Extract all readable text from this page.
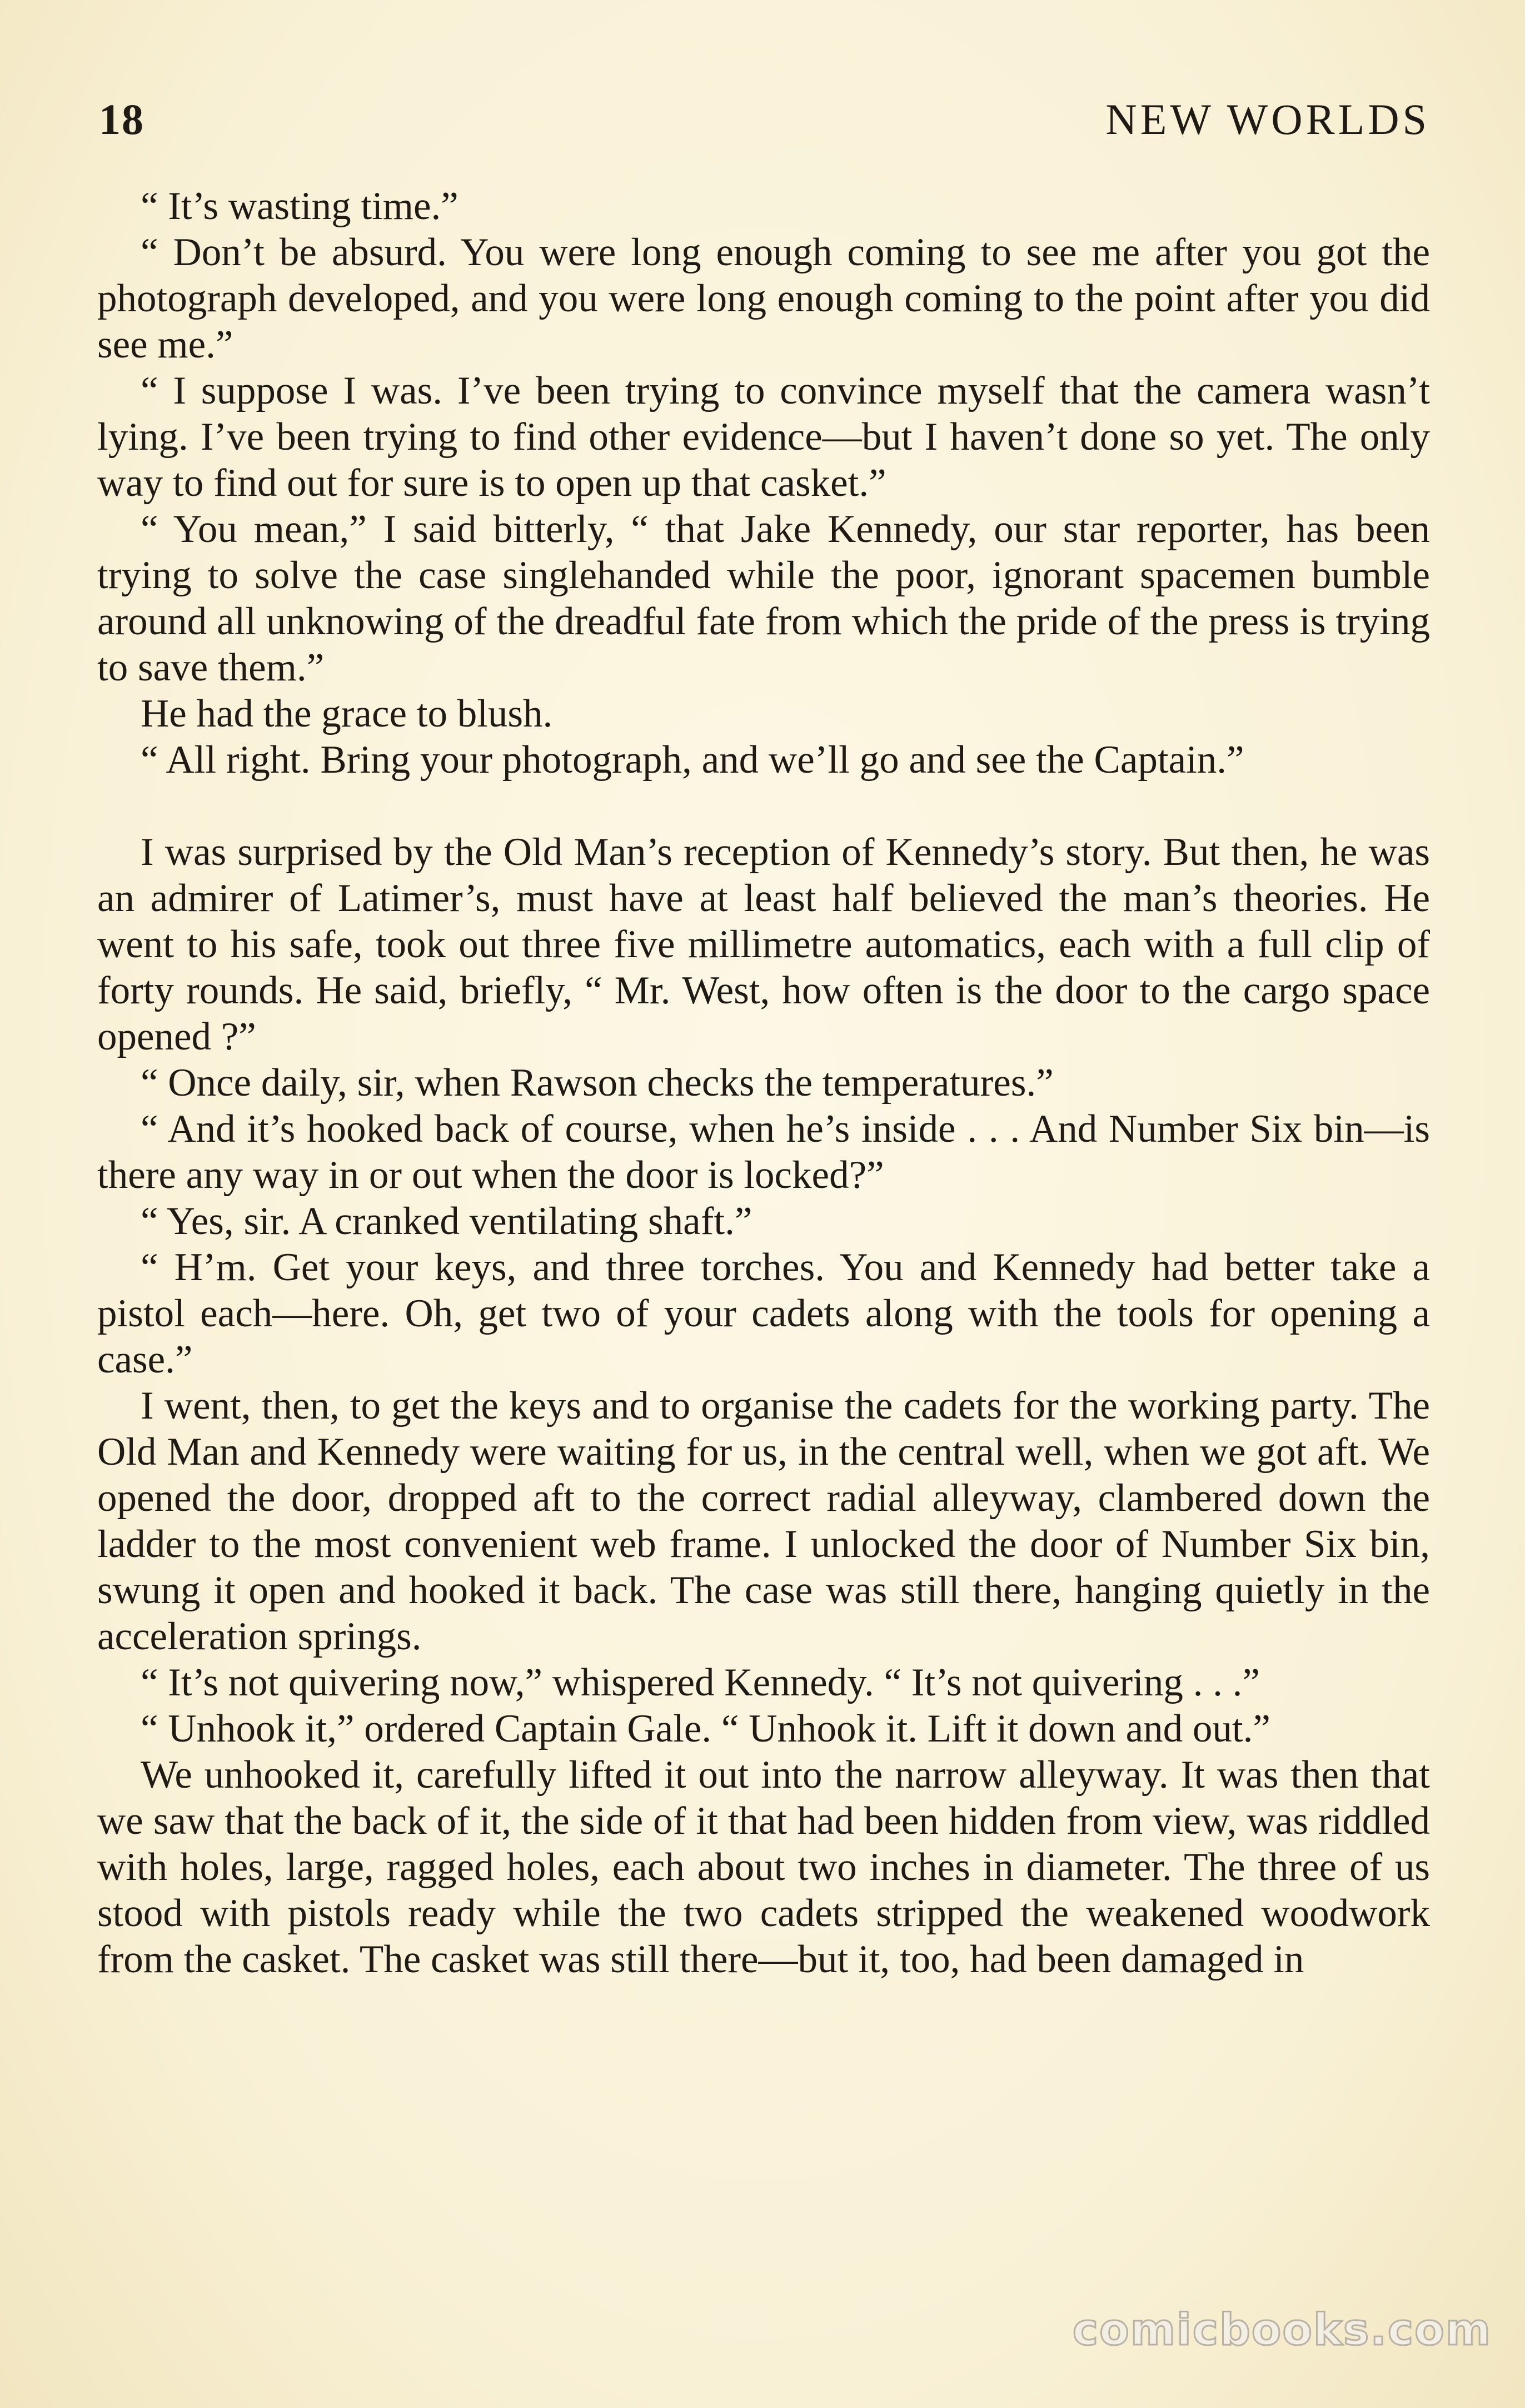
18	NEW WORLDS

“ It’s wasting time.”

“ Don’t be absurd. You were long enough coming to see me after you got the photograph developed, and you were long enough coming to the point after you did see me.”

“ I suppose I was. I’ve been trying to convince myself that the camera wasn’t lying. I’ve been trying to find other evidence—but I haven’t done so yet. The only way to find out for sure is to open up that casket.”

“ You mean,” I said bitterly, “ that Jake Kennedy, our star reporter, has been trying to solve the case singlehanded while the poor, ignorant spacemen bumble around all unknowing of the dreadful fate from which the pride of the press is trying to save them.”

He had the grace to blush.

“ All right. Bring your photograph, and we’ll go and see the Captain.”

I was surprised by the Old Man’s reception of Kennedy’s story. But then, he was an admirer of Latimer’s, must have at least half believed the man’s theories. He went to his safe, took out three five millimetre automatics, each with a full clip of forty rounds. He said, briefly, “ Mr. West, how often is the door to the cargo space opened ?”

“ Once daily, sir, when Rawson checks the temperatures.”

“ And it’s hooked back of course, when he’s inside . . . And Number Six bin—is there any way in or out when the door is locked?”

“ Yes, sir. A cranked ventilating shaft.”

“ H’m. Get your keys, and three torches. You and Kennedy had better take a pistol each—here. Oh, get two of your cadets along with the tools for opening a case.”

I went, then, to get the keys and to organise the cadets for the working party. The Old Man and Kennedy were waiting for us, in the central well, when we got aft. We opened the door, dropped aft to the correct radial alleyway, clambered down the ladder to the most convenient web frame. I unlocked the door of Number Six bin, swung it open and hooked it back. The case was still there, hanging quietly in the acceleration springs.

“ It’s not quivering now,” whispered Kennedy. “ It’s not quivering . . .”

“ Unhook it,” ordered Captain Gale. “ Unhook it. Lift it down and out.”

We unhooked it, carefully lifted it out into the narrow alleyway. It was then that we saw that the back of it, the side of it that had been hidden from view, was riddled with holes, large, ragged holes, each about two inches in diameter. The three of us stood with pistols ready while the two cadets stripped the weakened woodwork from the casket. The casket was still there—but it, too, had been damaged in

comicbooks.com
